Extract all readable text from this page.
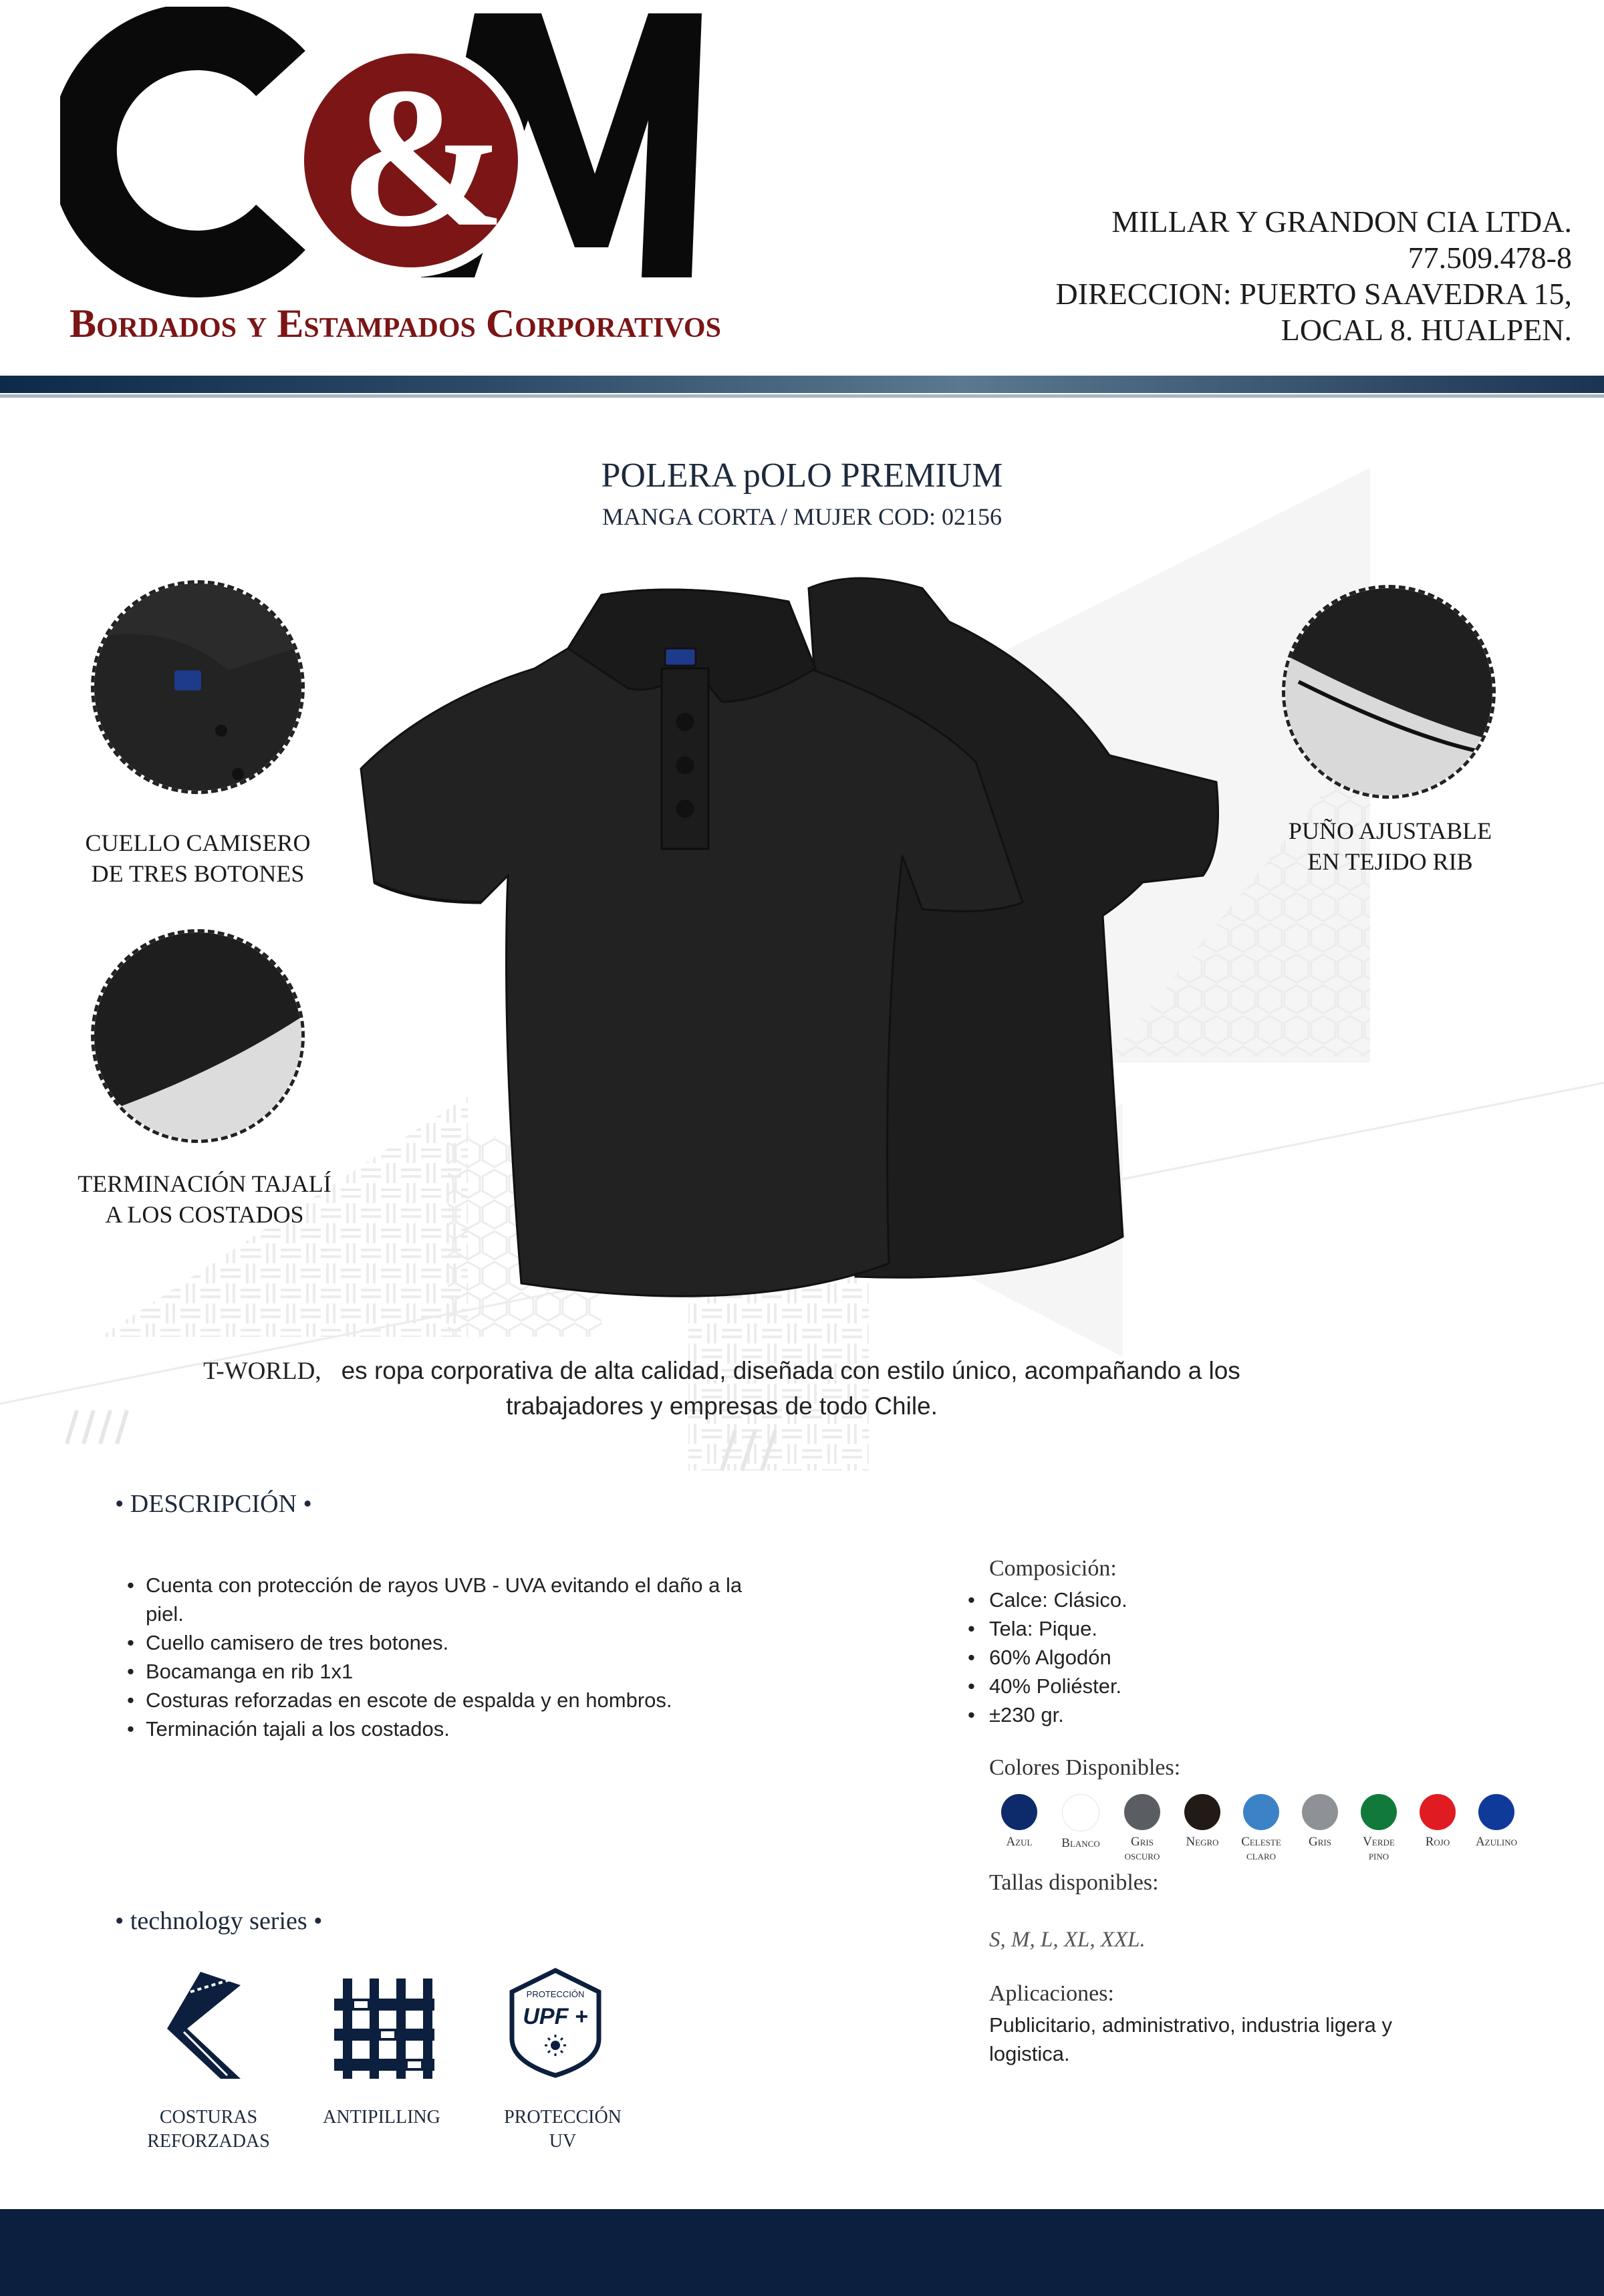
&
Bordados y Estampados Corporativos
MILLAR Y GRANDON CIA LTDA.
77.509.478-8
DIRECCION: PUERTO SAAVEDRA 15,
LOCAL 8. HUALPEN.
POLERA pOLO PREMIUM
MANGA CORTA / MUJER COD: 02156
CUELLO CAMISERO
DE TRES BOTONES
PUÑO AJUSTABLE
EN TEJIDO RIB
TERMINACIÓN TAJALÍ
A LOS COSTADOS
T-WORLD, es ropa corporativa de alta calidad, diseñada con estilo único, acompañando a los trabajadores y empresas de todo Chile.
• DESCRIPCIÓN •
• Cuenta con protección de rayos UVB - UVA evitando el daño a la piel.
• Cuello camisero de tres botones.
• Bocamanga en rib 1x1
• Costuras reforzadas en escote de espalda y en hombros.
• Terminación tajali a los costados.
Composición:
• Calce: Clásico.
• Tela: Pique.
• 60% Algodón
• 40% Poliéster.
• ±230 gr.
Colores Disponibles:
Azul	Blanco	Gris
oscuro
Negro	Celeste
claro
Gris	Verde
pino
Rojo	Azulino
Tallas disponibles:
S, M, L, XL, XXL.
Aplicaciones:
Publicitario, administrativo, industria ligera y logistica.
• technology series •
PROTECCIÓN
UPF +
COSTURAS
REFORZADAS
ANTIPILLING	PROTECCIÓN
UV
